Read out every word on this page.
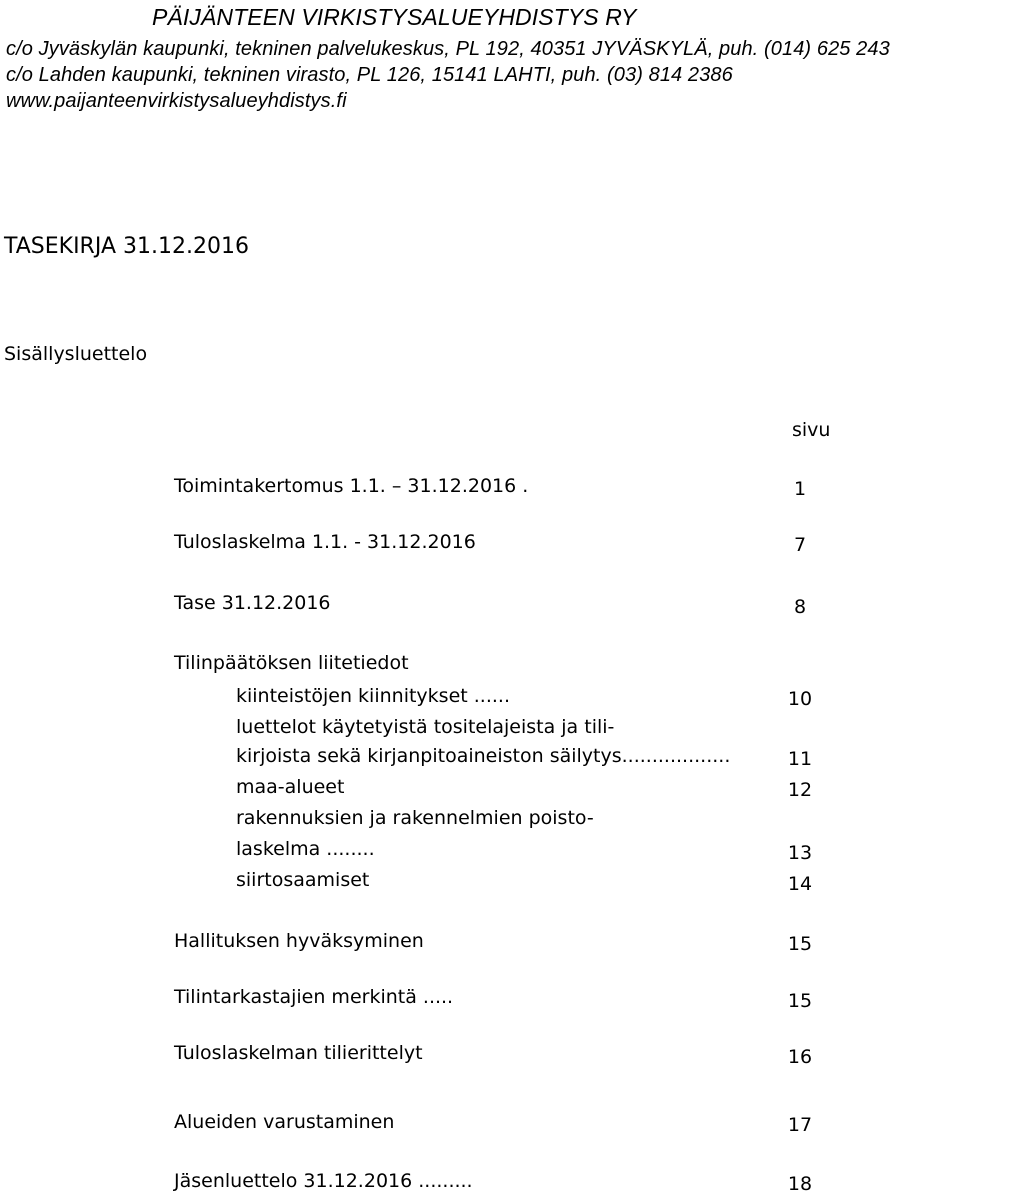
PÄIJÄNTEEN VIRKISTYSALUEYHDISTYS RY
c/o Jyväskylän kaupunki, tekninen palvelukeskus, PL 192, 40351 JYVÄSKYLÄ, puh. (014) 625 243
c/o Lahden kaupunki, tekninen virasto, PL 126, 15141 LAHTI, puh. (03) 814 2386
www.paijanteenvirkistysalueyhdistys.fi
TASEKIRJA 31.12.2016
Sisällysluettelo
sivu
Toimintakertomus 1.1. – 31.12.2016 .	1
Tuloslaskelma 1.1. - 31.12.2016	7
Tase 31.12.2016	8
Tilinpäätöksen liitetiedot
kiinteistöjen kiinnitykset ......	10
luettelot käytetyistä tositelajeista ja tili-
kirjoista sekä kirjanpitoaineiston säilytys..................	11
maa-alueet	12
rakennuksien ja rakennelmien poisto-
laskelma ........	13
siirtosaamiset	14
Hallituksen hyväksyminen	15
Tilintarkastajien merkintä .....	15
Tuloslaskelman tilierittelyt	16
Alueiden varustaminen	17
Jäsenluettelo 31.12.2016 .........	18
